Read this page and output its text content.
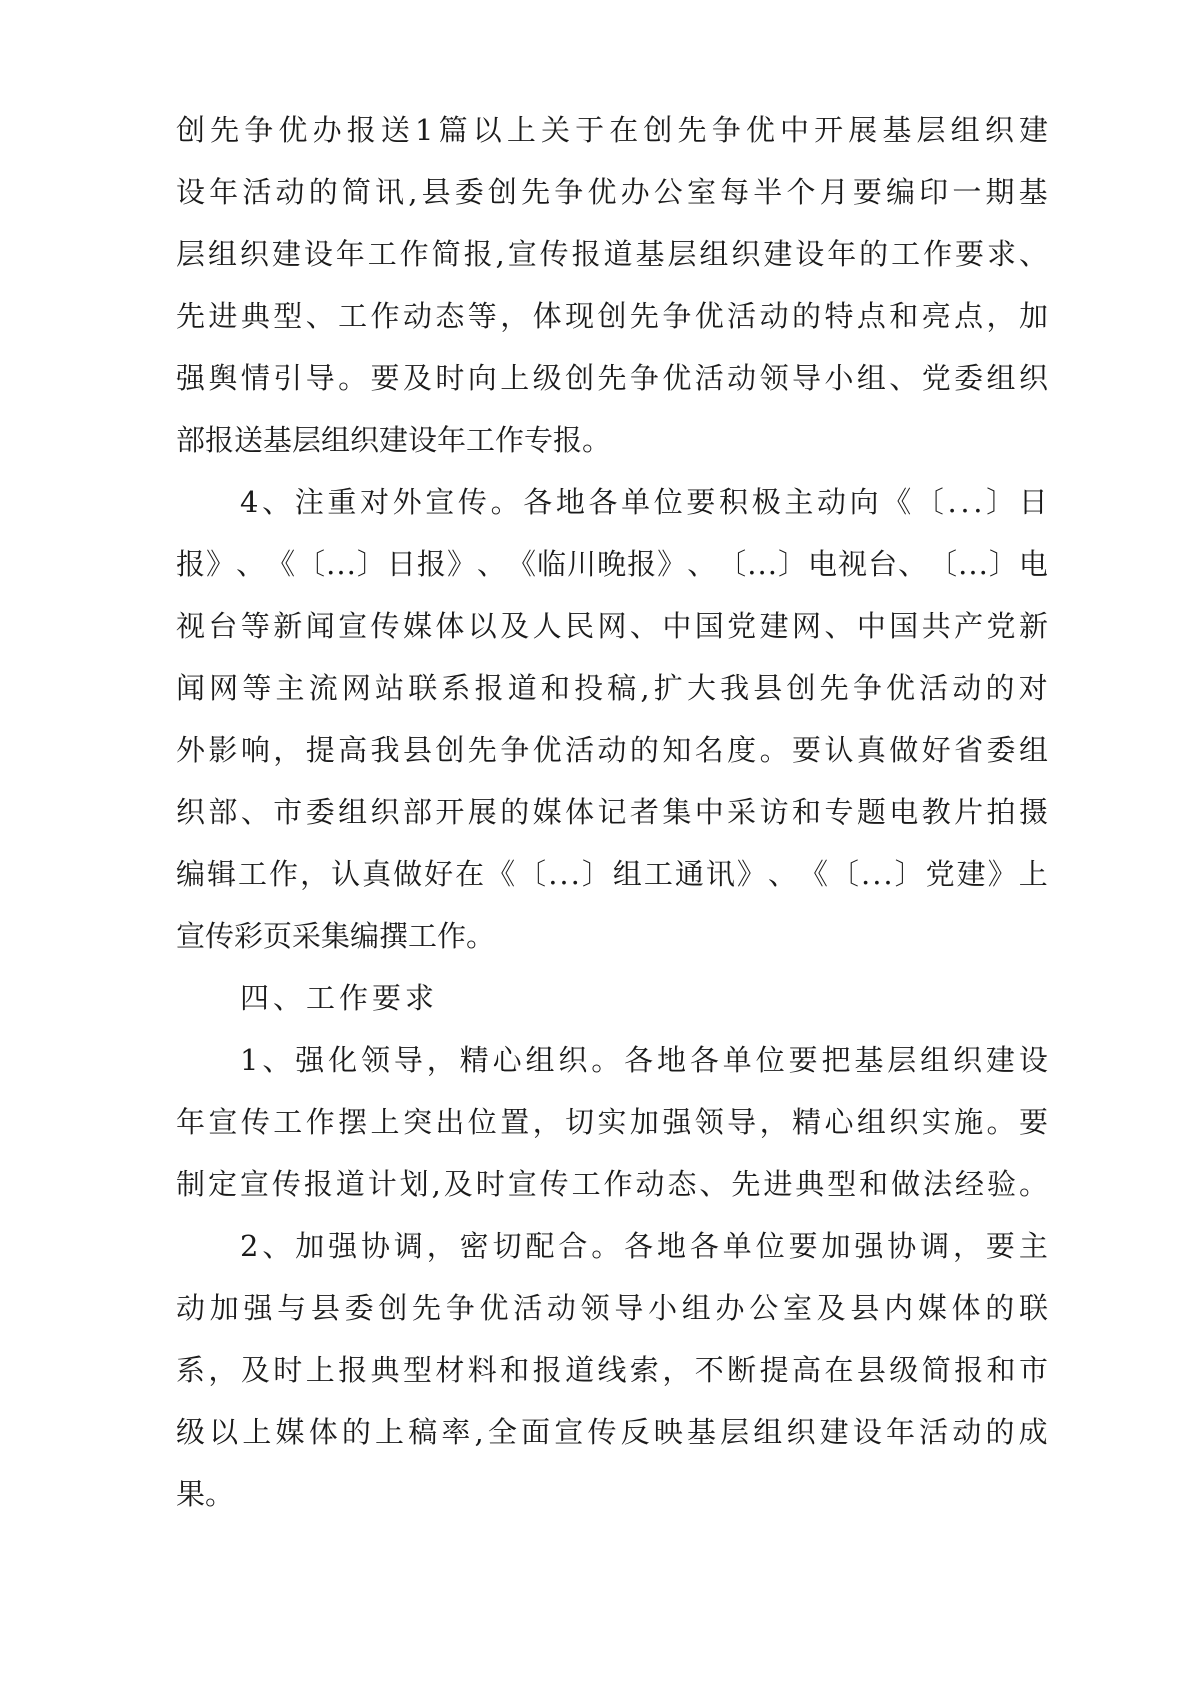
创 先 争 优 办 报 送 1 篇 以 上 关 于 在 创 先 争 优 中 开 展 基 层 组 织 建
设 年 活 动 的 简 讯 , 县 委 创 先 争 优 办 公 室 每 半 个 月 要 编 印 一 期 基
层 组 织 建 设 年 工 作 简 报 , 宣 传 报 道 基 层 组 织 建 设 年 的 工 作 要 求 、
先 进 典 型 、 工 作 动 态 等 ， 体 现 创 先 争 优 活 动 的 特 点 和 亮 点 ， 加
强 舆 情 引 导 。 要 及 时 向 上 级 创 先 争 优 活 动 领 导 小 组 、 党 委 组 织
部报送基层组织建设年工作专报。
4 、 注 重 对 外 宣 传 。 各 地 各 单 位 要 积 极 主 动 向 《 〔 . . . 〕 日
报 》 、 《 〔 . . . 〕 日 报 》 、 《 临 川 晚 报 》 、 〔 . . . 〕 电 视 台 、 〔 . . . 〕 电
视 台 等 新 闻 宣 传 媒 体 以 及 人 民 网 、 中 国 党 建 网 、 中 国 共 产 党 新
闻 网 等 主 流 网 站 联 系 报 道 和 投 稿 , 扩 大 我 县 创 先 争 优 活 动 的 对
外 影 响 ， 提 高 我 县 创 先 争 优 活 动 的 知 名 度 。 要 认 真 做 好 省 委 组
织 部 、 市 委 组 织 部 开 展 的 媒 体 记 者 集 中 采 访 和 专 题 电 教 片 拍 摄
编 辑 工 作 ， 认 真 做 好 在 《 〔 . . . 〕 组 工 通 讯 》 、 《 〔 . . . 〕 党 建 》 上
宣传彩页采集编撰工作。
四、工作要求
1 、 强 化 领 导 ， 精 心 组 织 。 各 地 各 单 位 要 把 基 层 组 织 建 设
年 宣 传 工 作 摆 上 突 出 位 置 ， 切 实 加 强 领 导 ， 精 心 组 织 实 施 。 要
制 定 宣 传 报 道 计 划 , 及 时 宣 传 工 作 动 态 、 先 进 典 型 和 做 法 经 验 。
2 、 加 强 协 调 ， 密 切 配 合 。 各 地 各 单 位 要 加 强 协 调 ， 要 主
动 加 强 与 县 委 创 先 争 优 活 动 领 导 小 组 办 公 室 及 县 内 媒 体 的 联
系 ， 及 时 上 报 典 型 材 料 和 报 道 线 索 ， 不 断 提 高 在 县 级 简 报 和 市
级 以 上 媒 体 的 上 稿 率 , 全 面 宣 传 反 映 基 层 组 织 建 设 年 活 动 的 成
果。
